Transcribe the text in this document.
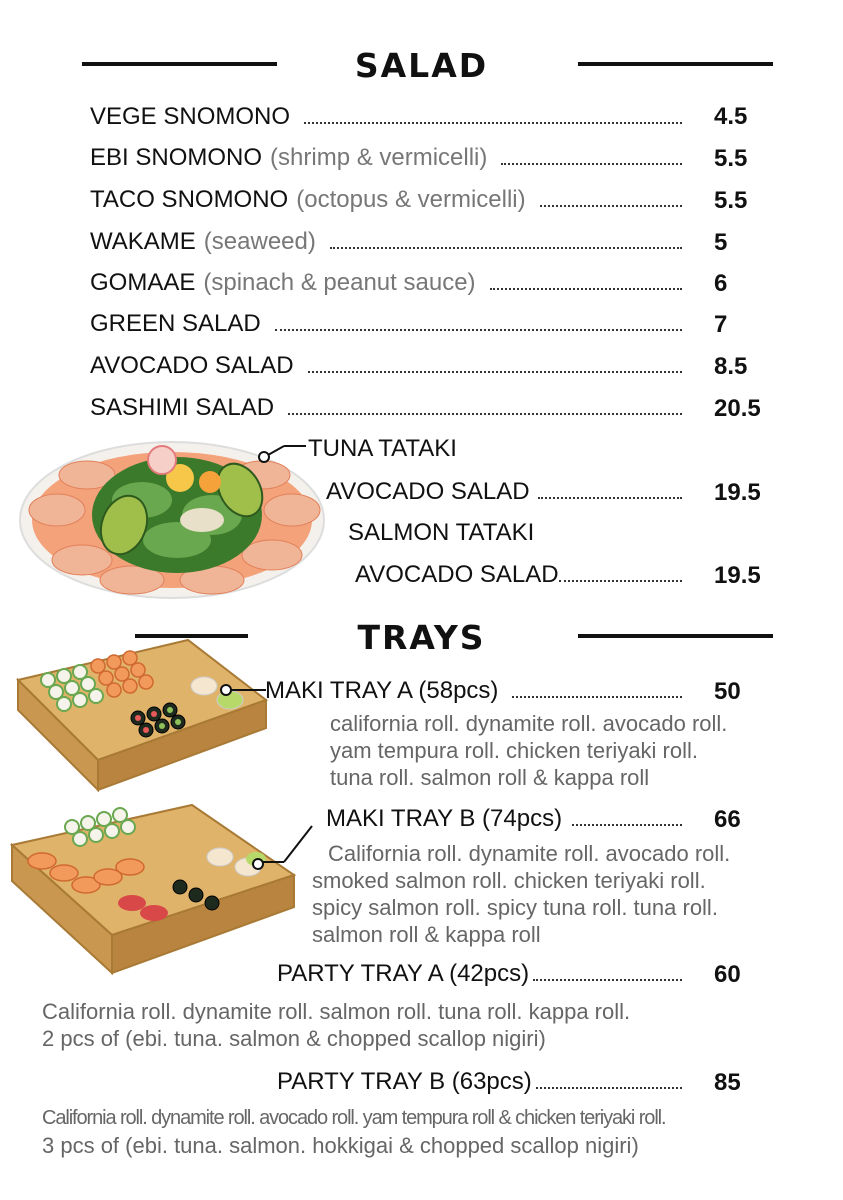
SALAD
VEGE SNOMONO	4.5
EBI SNOMONO (shrimp & vermicelli)	5.5
TACO SNOMONO (octopus & vermicelli)	5.5
WAKAME (seaweed)	5
GOMAAE (spinach & peanut sauce)	6
GREEN SALAD	7
AVOCADO SALAD	8.5
SASHIMI SALAD	20.5
TUNA TATAKI
AVOCADO SALAD	19.5
SALMON TATAKI
AVOCADO SALAD	19.5
TRAYS
MAKI TRAY A (58pcs)	50
california roll. dynamite roll. avocado roll.
yam tempura roll. chicken teriyaki roll.
tuna roll. salmon roll & kappa roll
MAKI TRAY B (74pcs)	66
California roll. dynamite roll. avocado roll.
smoked salmon roll. chicken teriyaki roll.
spicy salmon roll. spicy tuna roll. tuna roll.
salmon roll & kappa roll
PARTY TRAY A (42pcs)	60
California roll. dynamite roll. salmon roll. tuna roll. kappa roll.
2 pcs of (ebi. tuna. salmon & chopped scallop nigiri)
PARTY TRAY B (63pcs)	85
California roll. dynamite roll. avocado roll. yam tempura roll & chicken teriyaki roll.
3 pcs of (ebi. tuna. salmon. hokkigai & chopped scallop nigiri)
